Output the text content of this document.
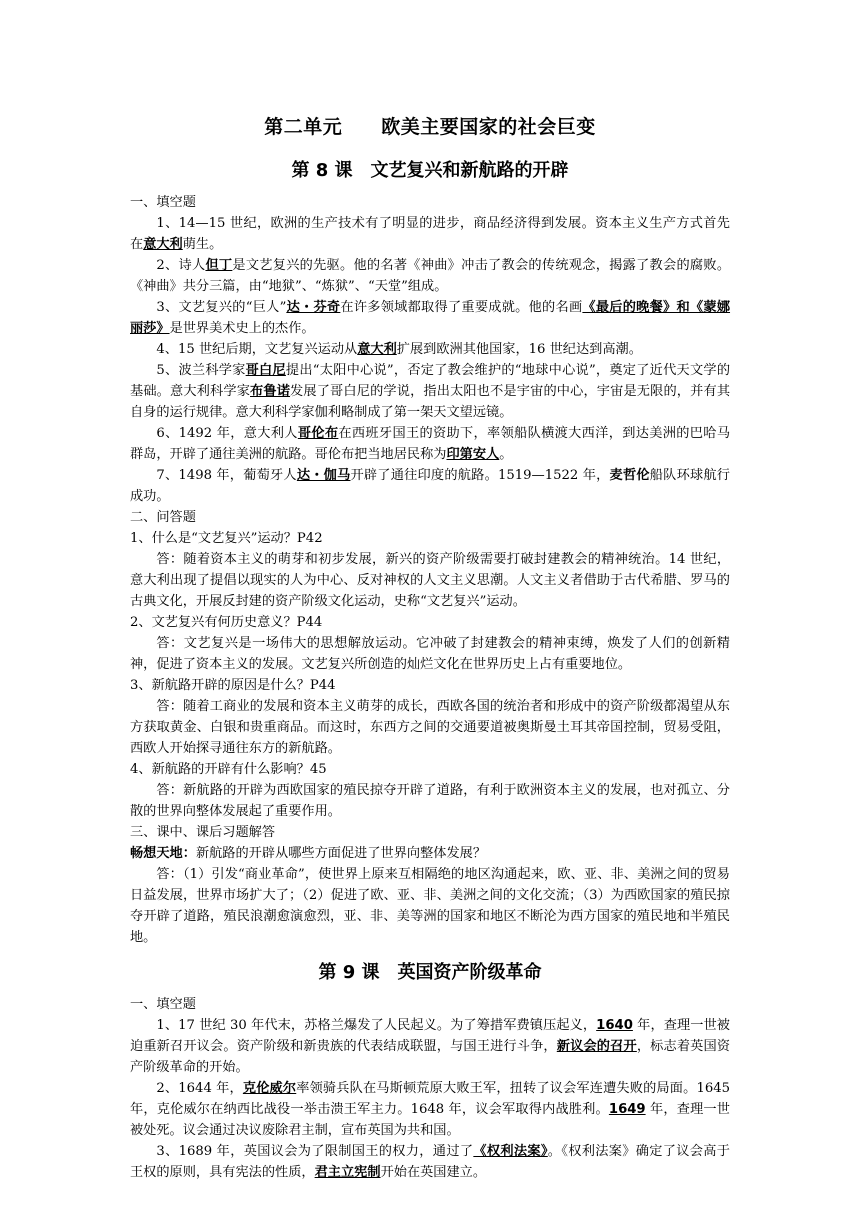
第二单元　　欧美主要国家的社会巨变
第 8 课　文艺复兴和新航路的开辟

一、填空题

1、14—15 世纪，欧洲的生产技术有了明显的进步，商品经济得到发展。资本主义生产方式首先在意大利萌生。

2、诗人但丁是文艺复兴的先驱。他的名著《神曲》冲击了教会的传统观念，揭露了教会的腐败。《神曲》共分三篇，由“地狱”、“炼狱”、“天堂”组成。

3、文艺复兴的“巨人”达・芬奇在许多领域都取得了重要成就。他的名画《最后的晚餐》和《蒙娜丽莎》是世界美术史上的杰作。

4、15 世纪后期，文艺复兴运动从意大利扩展到欧洲其他国家，16 世纪达到高潮。

5、波兰科学家哥白尼提出“太阳中心说”，否定了教会维护的“地球中心说”，奠定了近代天文学的基础。意大利科学家布鲁诺发展了哥白尼的学说，指出太阳也不是宇宙的中心，宇宙是无限的，并有其自身的运行规律。意大利科学家伽利略制成了第一架天文望远镜。

6、1492 年，意大利人哥伦布在西班牙国王的资助下，率领船队横渡大西洋，到达美洲的巴哈马群岛，开辟了通往美洲的航路。哥伦布把当地居民称为印第安人。

7、1498 年，葡萄牙人达・伽马开辟了通往印度的航路。1519—1522 年，麦哲伦船队环球航行成功。

二、问答题

1、什么是“文艺复兴”运动？P42

答：随着资本主义的萌芽和初步发展，新兴的资产阶级需要打破封建教会的精神统治。14 世纪，意大利出现了提倡以现实的人为中心、反对神权的人文主义思潮。人文主义者借助于古代希腊、罗马的古典文化，开展反封建的资产阶级文化运动，史称“文艺复兴”运动。

2、文艺复兴有何历史意义？P44

答：文艺复兴是一场伟大的思想解放运动。它冲破了封建教会的精神束缚，焕发了人们的创新精神，促进了资本主义的发展。文艺复兴所创造的灿烂文化在世界历史上占有重要地位。

3、新航路开辟的原因是什么？P44

答：随着工商业的发展和资本主义萌芽的成长，西欧各国的统治者和形成中的资产阶级都渴望从东方获取黄金、白银和贵重商品。而这时，东西方之间的交通要道被奥斯曼土耳其帝国控制，贸易受阻，西欧人开始探寻通往东方的新航路。

4、新航路的开辟有什么影响？45

答：新航路的开辟为西欧国家的殖民掠夺开辟了道路，有利于欧洲资本主义的发展，也对孤立、分散的世界向整体发展起了重要作用。

三、课中、课后习题解答

畅想天地：新航路的开辟从哪些方面促进了世界向整体发展？

答：（1）引发“商业革命”，使世界上原来互相隔绝的地区沟通起来，欧、亚、非、美洲之间的贸易日益发展，世界市场扩大了；（2）促进了欧、亚、非、美洲之间的文化交流；（3）为西欧国家的殖民掠夺开辟了道路，殖民浪潮愈演愈烈，亚、非、美等洲的国家和地区不断沦为西方国家的殖民地和半殖民地。

第 9 课　英国资产阶级革命

一、填空题

1、17 世纪 30 年代末，苏格兰爆发了人民起义。为了筹措军费镇压起义，1640 年，查理一世被迫重新召开议会。资产阶级和新贵族的代表结成联盟，与国王进行斗争，新议会的召开，标志着英国资产阶级革命的开始。

2、1644 年，克伦威尔率领骑兵队在马斯顿荒原大败王军，扭转了议会军连遭失败的局面。1645 年，克伦威尔在纳西比战役一举击溃王军主力。1648 年，议会军取得内战胜利。1649 年，查理一世被处死。议会通过决议废除君主制，宣布英国为共和国。

3、1689 年，英国议会为了限制国王的权力，通过了《权利法案》。《权利法案》确定了议会高于王权的原则，具有宪法的性质，君主立宪制开始在英国建立。
